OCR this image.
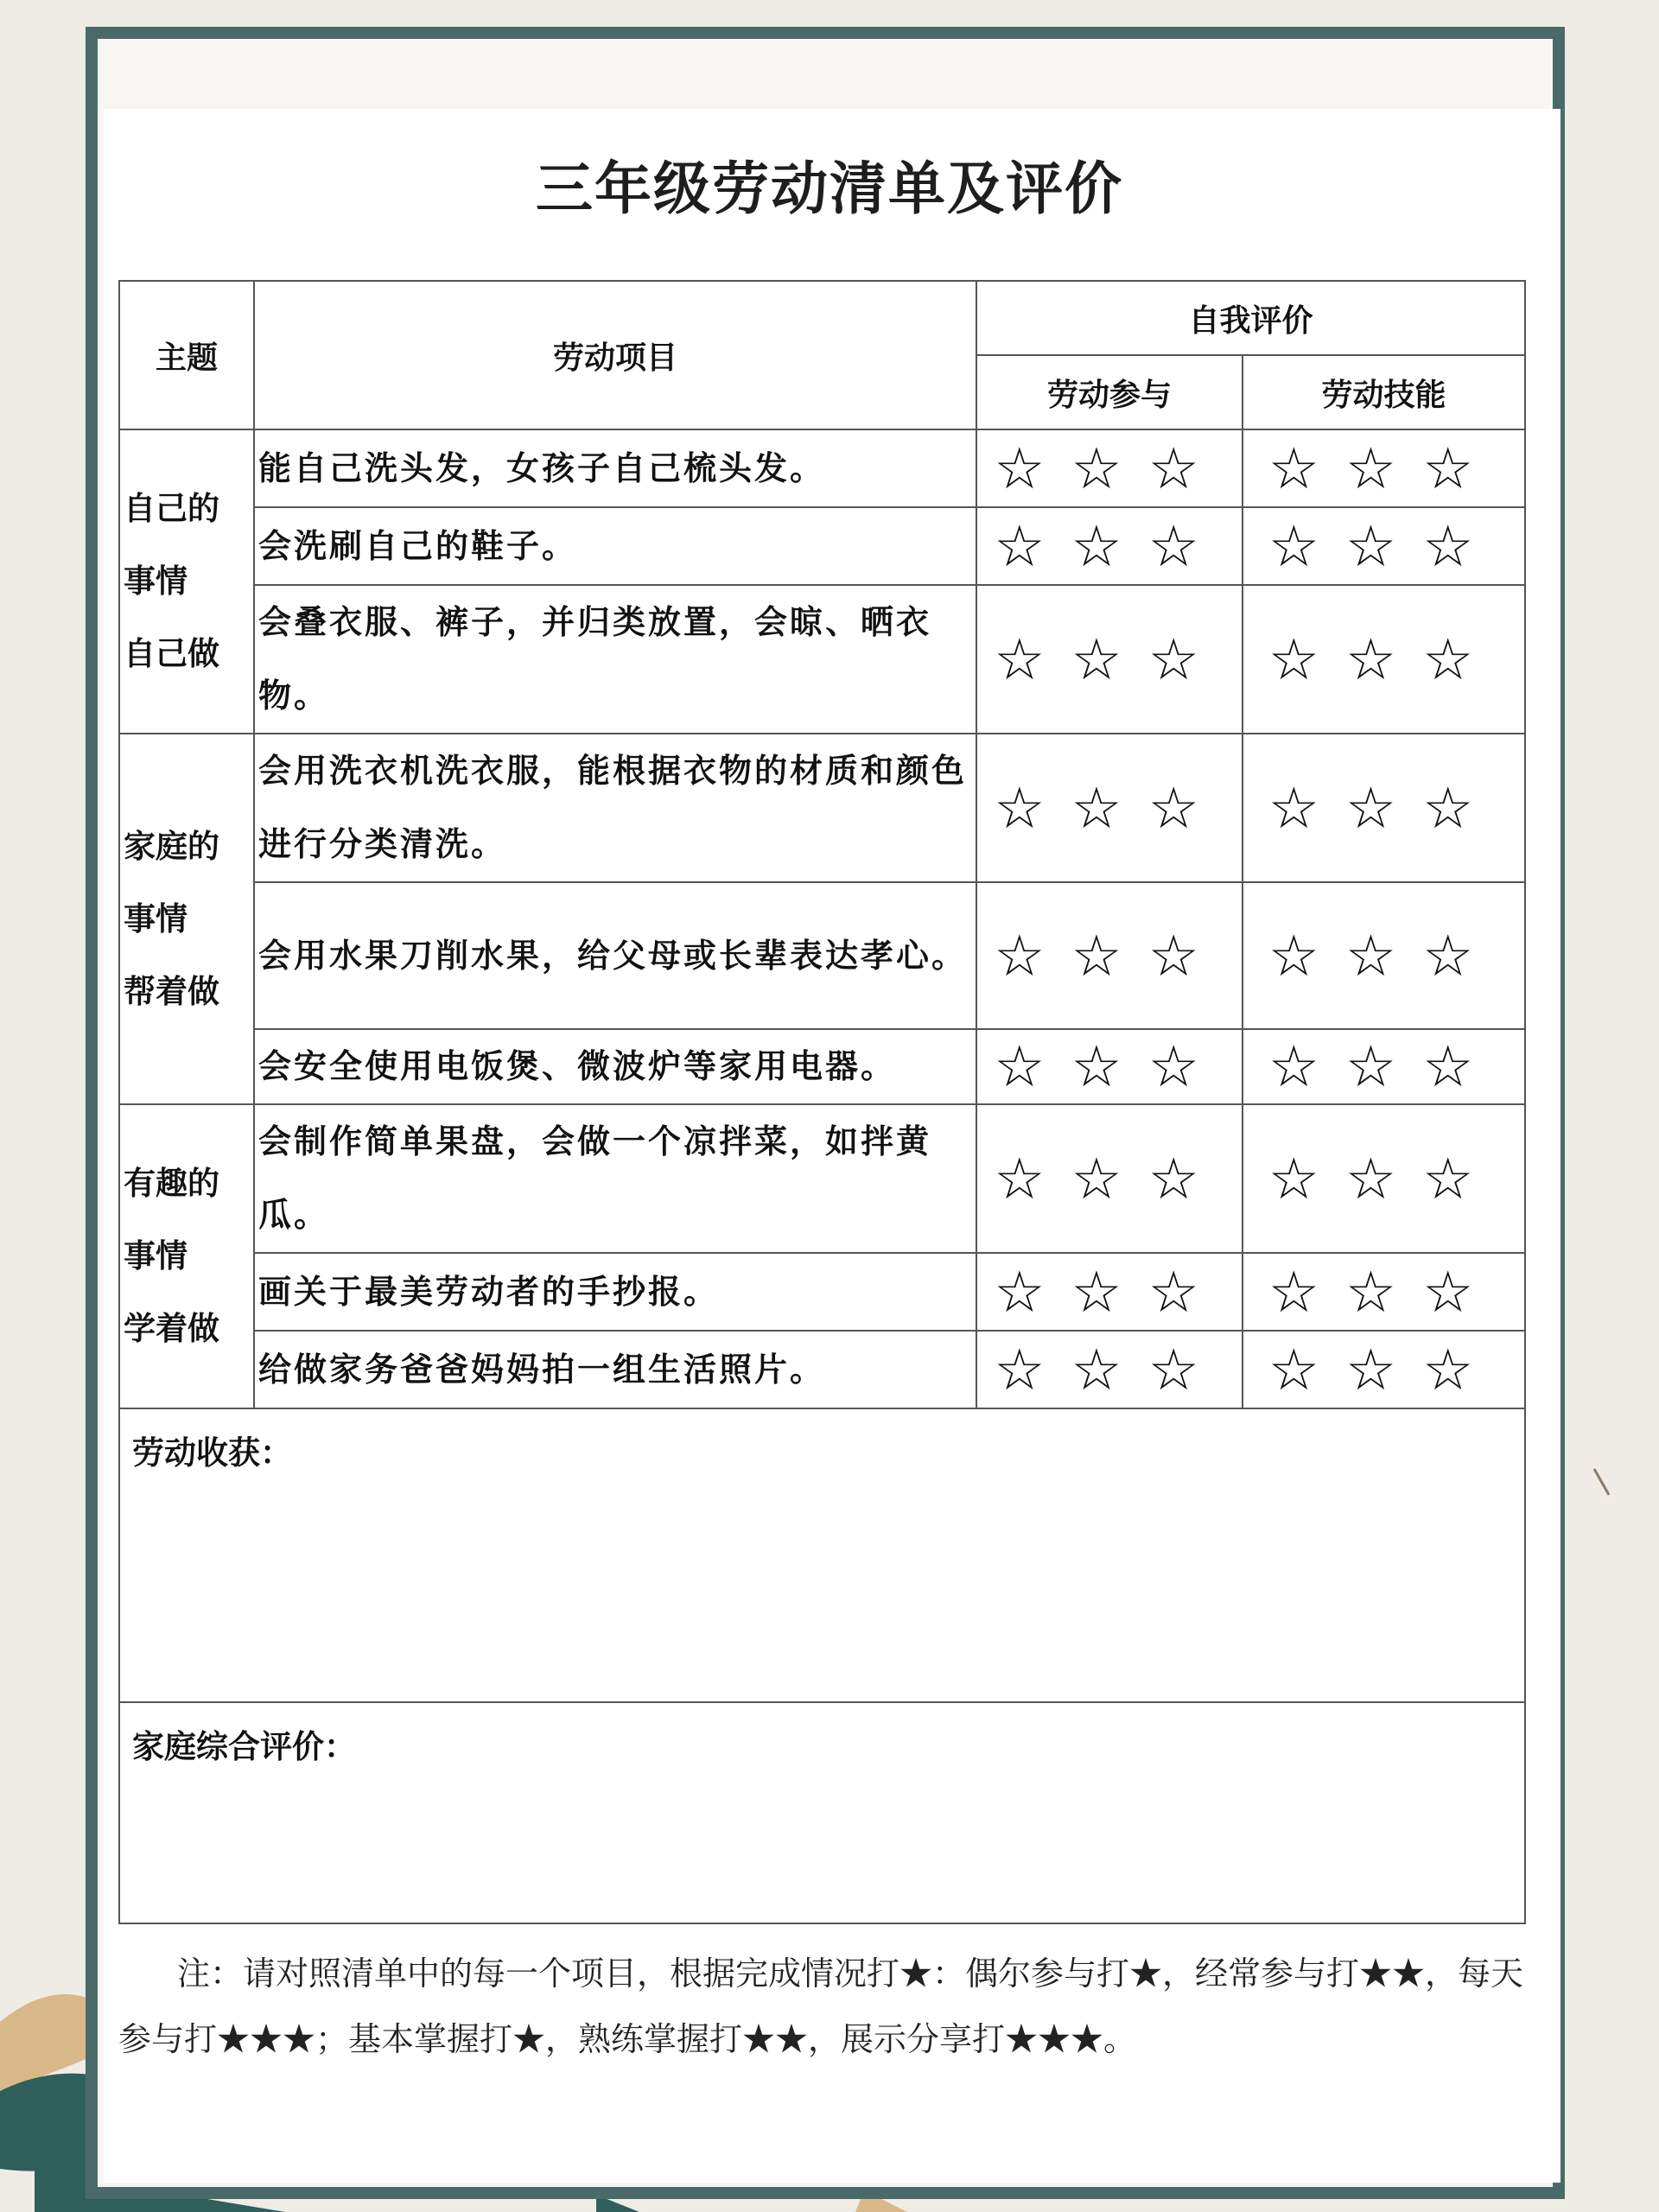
三年级劳动清单及评价
主题	劳动项目	自我评价	
		劳动参与	劳动技能

自己的
事情
自己做	能自己洗头发，女孩子自己梳头发。	☆☆☆	☆☆☆
	会洗刷自己的鞋子。	☆☆☆	☆☆☆
	会叠衣服、裤子，并归类放置，会晾、晒衣物。	☆☆☆	☆☆☆

家庭的
事情
帮着做	会用洗衣机洗衣服，能根据衣物的材质和颜色进行分类清洗。	☆☆☆	☆☆☆
	会用水果刀削水果，给父母或长辈表达孝心。	☆☆☆	☆☆☆
	会安全使用电饭煲、微波炉等家用电器。	☆☆☆	☆☆☆

有趣的
事情
学着做	会制作简单果盘，会做一个凉拌菜，如拌黄瓜。	☆☆☆	☆☆☆
	画关于最美劳动者的手抄报。	☆☆☆	☆☆☆
	给做家务爸爸妈妈拍一组生活照片。	☆☆☆	☆☆☆

劳动收获：			

家庭综合评价：			
注：请对照清单中的每一个项目，根据完成情况打★：偶尔参与打★，经常参与打★★，每天参与打★★★；基本掌握打★，熟练掌握打★★，展示分享打★★★。
